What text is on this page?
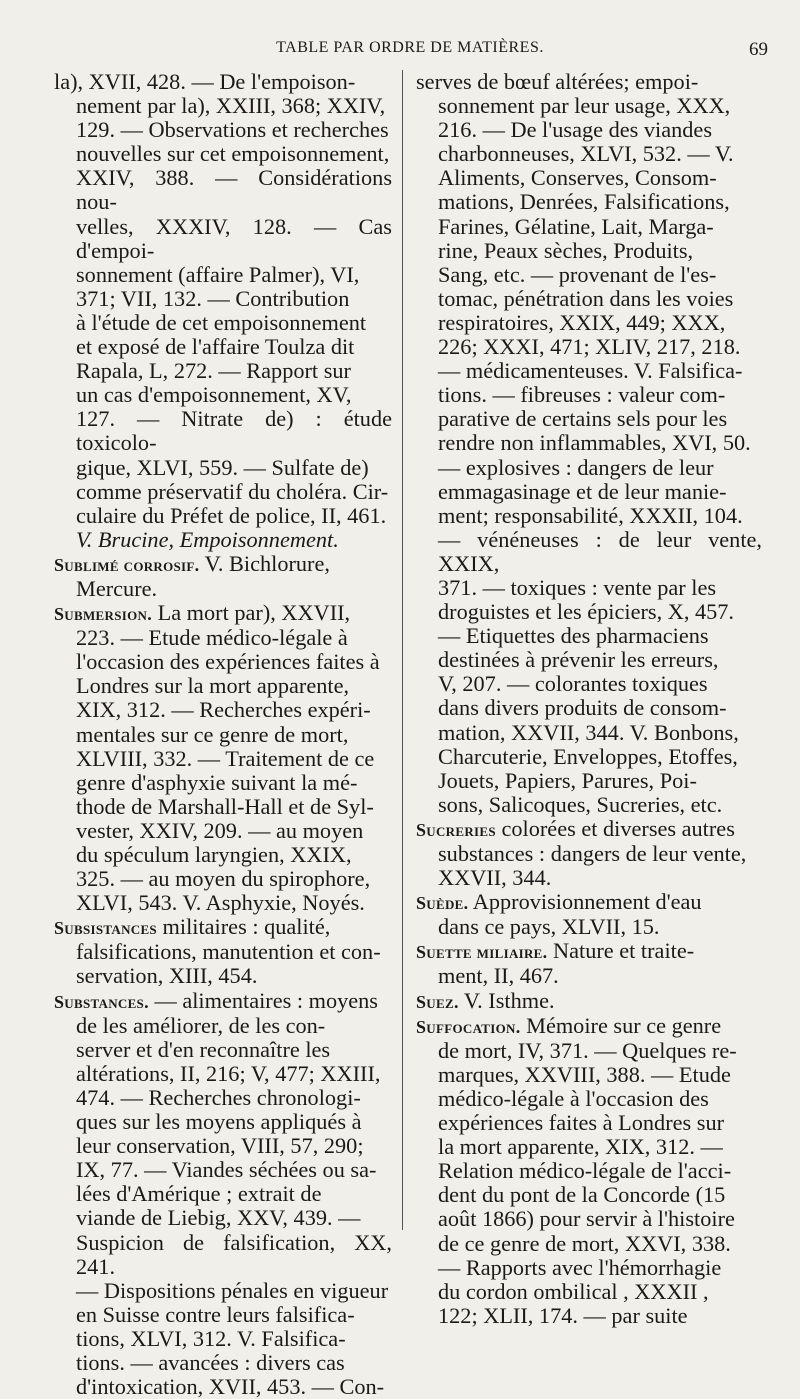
TABLE PAR ORDRE DE MATIÈRES.	69
la), XVII, 428. — De l'empoison-
nement par la), XXIII, 368; XXIV,
129. — Observations et recherches
nouvelles sur cet empoisonnement,
XXIV, 388. — Considérations nou-
velles, XXXIV, 128. — Cas d'empoi-
sonnement (affaire Palmer), VI,
371; VII, 132. — Contribution
à l'étude de cet empoisonnement
et exposé de l'affaire Toulza dit
Rapala, L, 272. — Rapport sur
un cas d'empoisonnement, XV,
127. — Nitrate de) : étude toxicolo-
gique, XLVI, 559. — Sulfate de)
comme préservatif du choléra. Cir-
culaire du Préfet de police, II, 461.
V. Brucine, Empoisonnement.
Sublimé corrosif. V. Bichlorure,
Mercure.
Submersion. La mort par), XXVII,
223. — Etude médico-légale à
l'occasion des expériences faites à
Londres sur la mort apparente,
XIX, 312. — Recherches expéri-
mentales sur ce genre de mort,
XLVIII, 332. — Traitement de ce
genre d'asphyxie suivant la mé-
thode de Marshall-Hall et de Syl-
vester, XXIV, 209. — au moyen
du spéculum laryngien, XXIX,
325. — au moyen du spirophore,
XLVI, 543. V. Asphyxie, Noyés.
Subsistances militaires : qualité,
falsifications, manutention et con-
servation, XIII, 454.
Substances. — alimentaires : moyens
de les améliorer, de les con-
server et d'en reconnaître les
altérations, II, 216; V, 477; XXIII,
474. — Recherches chronologi-
ques sur les moyens appliqués à
leur conservation, VIII, 57, 290;
IX, 77. — Viandes séchées ou sa-
lées d'Amérique ; extrait de
viande de Liebig, XXV, 439. —
Suspicion de falsification, XX, 241.
— Dispositions pénales en vigueur
en Suisse contre leurs falsifica-
tions, XLVI, 312. V. Falsifica-
tions. — avancées : divers cas
d'intoxication, XVII, 453. — Con-
serves de bœuf altérées; empoi-
sonnement par leur usage, XXX,
216. — De l'usage des viandes
charbonneuses, XLVI, 532. — V.
Aliments, Conserves, Consom-
mations, Denrées, Falsifications,
Farines, Gélatine, Lait, Marga-
rine, Peaux sèches, Produits,
Sang, etc. — provenant de l'es-
tomac, pénétration dans les voies
respiratoires, XXIX, 449; XXX,
226; XXXI, 471; XLIV, 217, 218.
— médicamenteuses. V. Falsifica-
tions. — fibreuses : valeur com-
parative de certains sels pour les
rendre non inflammables, XVI, 50.
— explosives : dangers de leur
emmagasinage et de leur manie-
ment; responsabilité, XXXII, 104.
— vénéneuses : de leur vente, XXIX,
371. — toxiques : vente par les
droguistes et les épiciers, X, 457.
— Etiquettes des pharmaciens
destinées à prévenir les erreurs,
V, 207. — colorantes toxiques
dans divers produits de consom-
mation, XXVII, 344. V. Bonbons,
Charcuterie, Enveloppes, Etoffes,
Jouets, Papiers, Parures, Poi-
sons, Salicoques, Sucreries, etc.
Sucreries colorées et diverses autres
substances : dangers de leur vente,
XXVII, 344.
Suède. Approvisionnement d'eau
dans ce pays, XLVII, 15.
Suette miliaire. Nature et traite-
ment, II, 467.
Suez. V. Isthme.
Suffocation. Mémoire sur ce genre
de mort, IV, 371. — Quelques re-
marques, XXVIII, 388. — Etude
médico-légale à l'occasion des
expériences faites à Londres sur
la mort apparente, XIX, 312. —
Relation médico-légale de l'acci-
dent du pont de la Concorde (15
août 1866) pour servir à l'histoire
de ce genre de mort, XXVI, 338.
— Rapports avec l'hémorrhagie
du cordon ombilical , XXXII ,
122; XLII, 174. — par suite
